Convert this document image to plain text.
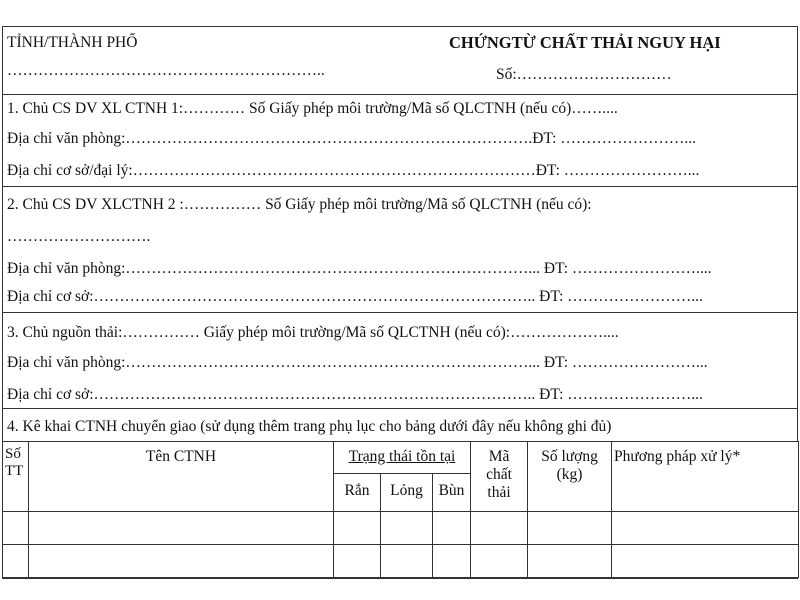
TỈNH/THÀNH PHỐ
……………………………………………………..
CHỨNGTỪ CHẤT THẢI NGUY HẠI
Số:…………………………
1. Chủ CS DV XL CTNH 1:………… Số Giấy phép môi trường/Mã số QLCTNH (nếu có)……....
Địa chỉ văn phòng:…………………………………………………………………….ĐT: ……………………...
Địa chỉ cơ sở/đại lý:……………………………………………………………………ĐT: ……………………...
2. Chủ CS DV XLCTNH 2 :…………… Số Giấy phép môi trường/Mã số QLCTNH (nếu có):
……………………….
Địa chỉ văn phòng:……………………………………………………………………... ĐT: ……………………....
Địa chỉ cơ sở:………………………………………………………………………….. ĐT: ……………………...
3. Chủ nguồn thải:…………… Giấy phép môi trường/Mã số QLCTNH (nếu có):………………....
Địa chỉ văn phòng:……………………………………………………………………... ĐT: ……………………...
Địa chỉ cơ sở:………………………………………………………………………….. ĐT: ……………………...
4. Kê khai CTNH chuyển giao (sử dụng thêm trang phụ lục cho bảng dưới đây nếu không ghi đủ)
Số TT	Tên CTNH	Trạng thái tồn tại			Mã chất thải	Số lượng (kg)	Phương pháp xử lý*
		Rắn	Lỏng	Bùn			
